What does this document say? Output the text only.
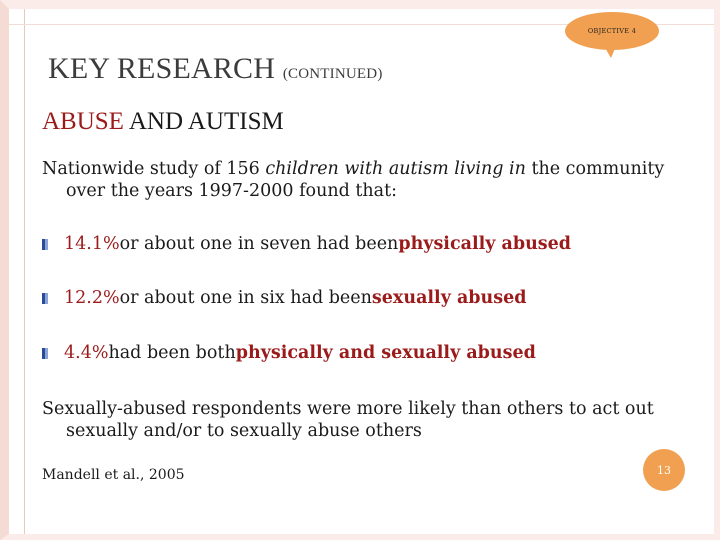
OBJECTIVE 4
KEY RESEARCH (CONTINUED)
ABUSE AND AUTISM

Nationwide study of 156 children with autism living in the community over the years 1997-2000 found that:

14.1% or about one in seven had been physically abused
12.2% or about one in six had been sexually abused
4.4% had been both physically and sexually abused

Sexually-abused respondents were more likely than others to act out sexually and/or to sexually abuse others

Mandell et al., 2005	13
